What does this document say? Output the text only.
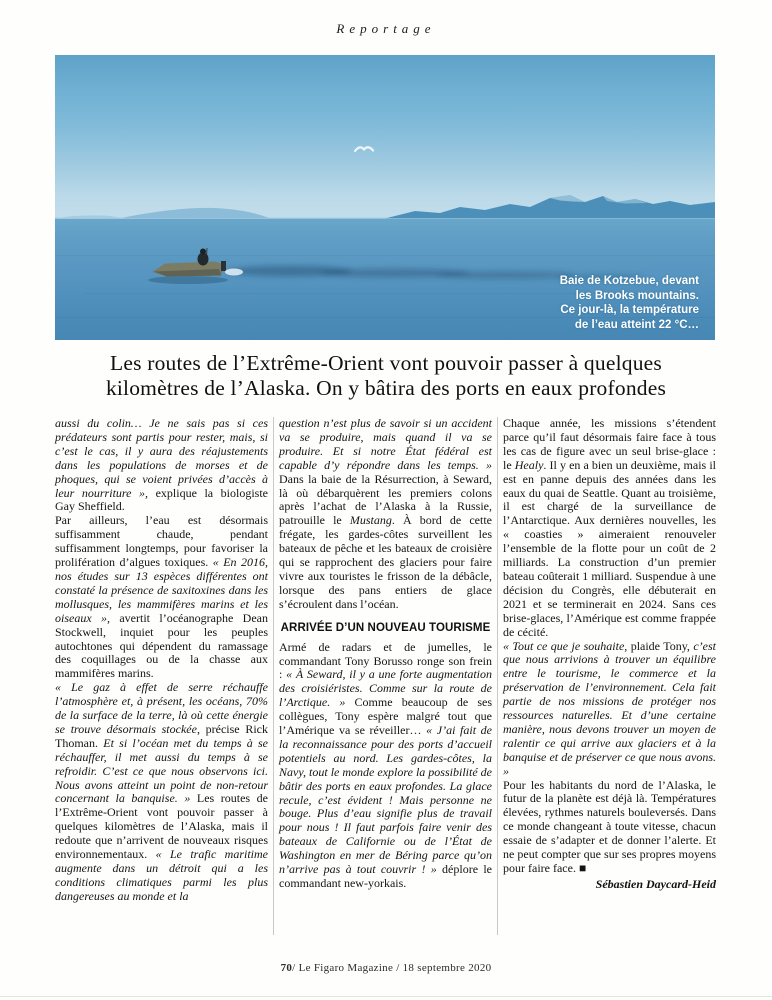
Reportage
Baie de Kotzebue, devant
les Brooks mountains.
Ce jour-là, la température
de l’eau atteint 22 °C…
Les routes de l’Extrême-Orient vont pouvoir passer à quelques
kilomètres de l’Alaska. On y bâtira des ports en eaux profondes

aussi du colin… Je ne sais pas si ces prédateurs sont partis pour rester, mais, si c’est le cas, il y aura des réajustements dans les populations de morses et de phoques, qui se voient privées d’accès à leur nourriture », explique la biologiste Gay Sheffield.

Par ailleurs, l’eau est désormais suffisamment chaude, pendant suffisamment longtemps, pour favoriser la prolifération d’algues toxiques. « En 2016, nos études sur 13 espèces différentes ont constaté la présence de saxitoxines dans les mollusques, les mammifères marins et les oiseaux », avertit l’océanographe Dean Stockwell, inquiet pour les peuples autochtones qui dépendent du ramassage des coquillages ou de la chasse aux mammifères marins.

« Le gaz à effet de serre réchauffe l’atmosphère et, à présent, les océans, 70% de la surface de la terre, là où cette énergie se trouve désormais stockée, précise Rick Thoman. Et si l’océan met du temps à se réchauffer, il met aussi du temps à se refroidir. C’est ce que nous observons ici. Nous avons atteint un point de non-retour concernant la banquise. » Les routes de l’Extrême-Orient vont pouvoir passer à quelques kilomètres de l’Alaska, mais il redoute que n’arrivent de nouveaux risques environnementaux. « Le trafic maritime augmente dans un détroit qui a les conditions climatiques parmi les plus dangereuses au monde et la

question n’est plus de savoir si un accident va se produire, mais quand il va se produire. Et si notre État fédéral est capable d’y répondre dans les temps. » Dans la baie de la Résurrection, à Seward, là où débarquèrent les premiers colons après l’achat de l’Alaska à la Russie, patrouille le Mustang. À bord de cette frégate, les gardes-côtes surveillent les bateaux de pêche et les bateaux de croisière qui se rapprochent des glaciers pour faire vivre aux touristes le frisson de la débâcle, lorsque des pans entiers de glace s’écroulent dans l’océan.

ARRIVÉE D’UN NOUVEAU TOURISME

Armé de radars et de jumelles, le commandant Tony Borusso ronge son frein : « À Seward, il y a une forte augmentation des croisiéristes. Comme sur la route de l’Arctique. » Comme beaucoup de ses collègues, Tony espère malgré tout que l’Amérique va se réveiller… « J’ai fait de la reconnaissance pour des ports d’accueil potentiels au nord. Les gardes-côtes, la Navy, tout le monde explore la possibilité de bâtir des ports en eaux profondes. La glace recule, c’est évident ! Mais personne ne bouge. Plus d’eau signifie plus de travail pour nous ! Il faut parfois faire venir des bateaux de Californie ou de l’État de Washington en mer de Béring parce qu’on n’arrive pas à tout couvrir ! » déplore le commandant new-yorkais.

Chaque année, les missions s’étendent parce qu’il faut désormais faire face à tous les cas de figure avec un seul brise-glace : le Healy. Il y en a bien un deuxième, mais il est en panne depuis des années dans les eaux du quai de Seattle. Quant au troisième, il est chargé de la surveillance de l’Antarctique. Aux dernières nouvelles, les « coasties » aimeraient renouveler l’ensemble de la flotte pour un coût de 2 milliards. La construction d’un premier bateau coûterait 1 milliard. Suspendue à une décision du Congrès, elle débuterait en 2021 et se terminerait en 2024. Sans ces brise-glaces, l’Amérique est comme frappée de cécité.

« Tout ce que je souhaite, plaide Tony, c’est que nous arrivions à trouver un équilibre entre le tourisme, le commerce et la préservation de l’environnement. Cela fait partie de nos missions de protéger nos ressources naturelles. Et d’une certaine manière, nous devons trouver un moyen de ralentir ce qui arrive aux glaciers et à la banquise et de préserver ce que nous avons. »

Pour les habitants du nord de l’Alaska, le futur de la planète est déjà là. Températures élevées, rythmes naturels bouleversés. Dans ce monde changeant à toute vitesse, chacun essaie de s’adapter et de donner l’alerte. Et ne peut compter que sur ses propres moyens pour faire face. ■

Sébastien Daycard-Heid
70/ Le Figaro Magazine / 18 septembre 2020
